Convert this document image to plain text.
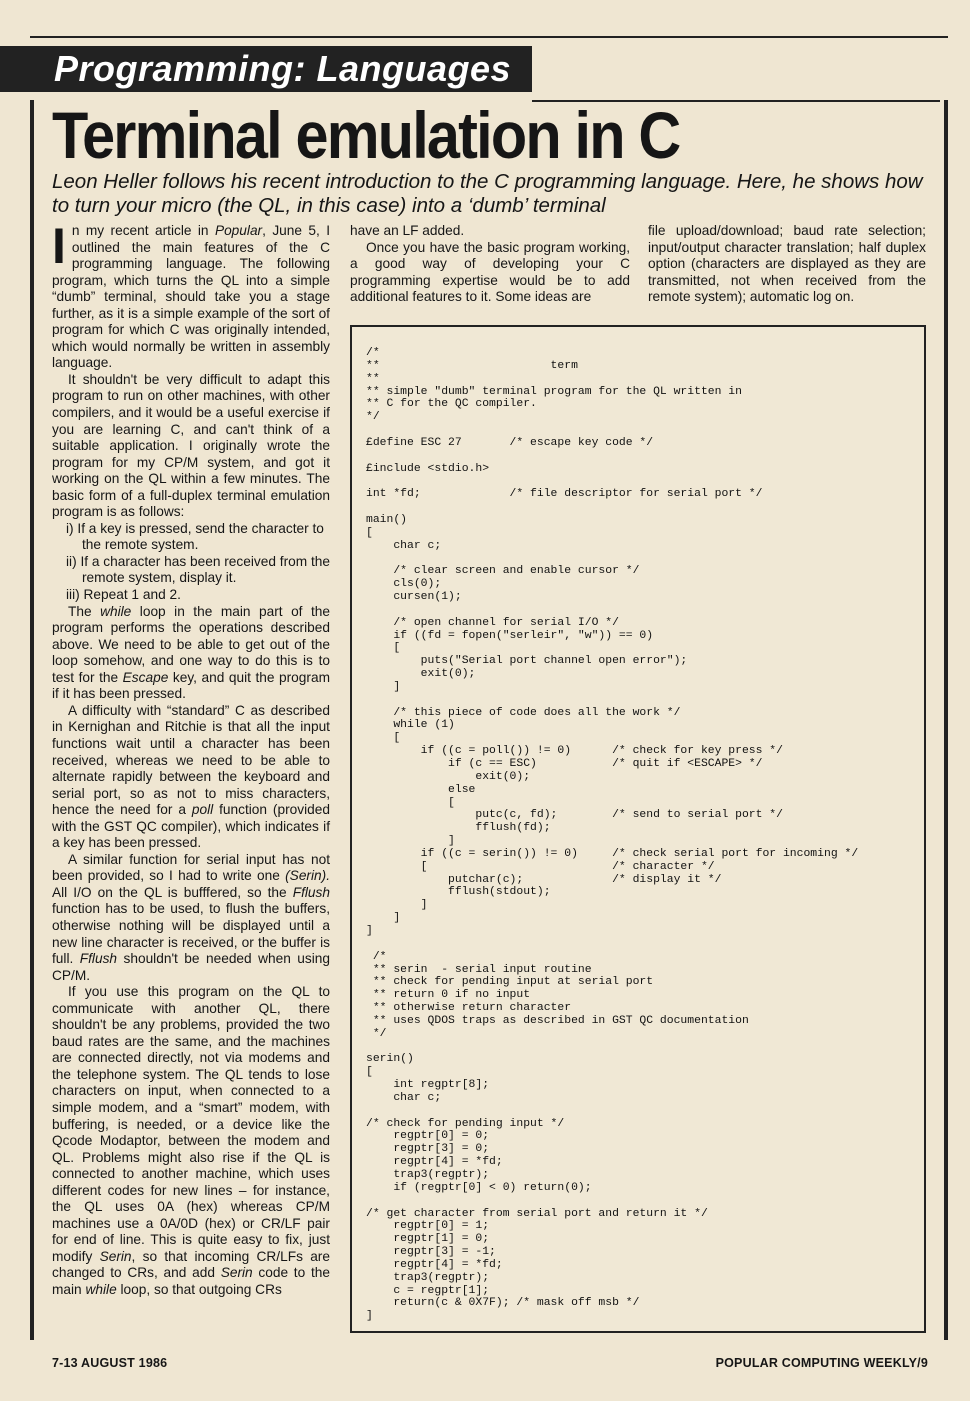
Programming: Languages
Terminal emulation in C

Leon Heller follows his recent introduction to the C programming language. Here, he shows how to turn your micro (the QL, in this case) into a ‘dumb’ terminal

In my recent article in Popular, June 5, I outlined the main features of the C programming language. The following program, which turns the QL into a simple “dumb” terminal, should take you a stage further, as it is a simple example of the sort of program for which C was originally intended, which would normally be written in assembly language.

It shouldn't be very difficult to adapt this program to run on other machines, with other compilers, and it would be a useful exercise if you are learning C, and can't think of a suitable application. I originally wrote the program for my CP/M system, and got it working on the QL within a few minutes. The basic form of a full-duplex terminal emulation program is as follows:

i) If a key is pressed, send the character to the remote system.
ii) If a character has been received from the remote system, display it.
iii) Repeat 1 and 2.

The while loop in the main part of the program performs the operations described above. We need to be able to get out of the loop somehow, and one way to do this is to test for the Escape key, and quit the program if it has been pressed.

A difficulty with “standard” C as described in Kernighan and Ritchie is that all the input functions wait until a character has been received, whereas we need to be able to alternate rapidly between the keyboard and serial port, so as not to miss characters, hence the need for a poll function (provided with the GST QC compiler), which indicates if a key has been pressed.

A similar function for serial input has not been provided, so I had to write one (Serin). All I/O on the QL is bufffered, so the Fflush function has to be used, to flush the buffers, otherwise nothing will be displayed until a new line character is received, or the buffer is full. Fflush shouldn't be needed when using CP/M.

If you use this program on the QL to communicate with another QL, there shouldn't be any problems, provided the two baud rates are the same, and the machines are connected directly, not via modems and the telephone system. The QL tends to lose characters on input, when connected to a simple modem, and a “smart” modem, with buffering, is needed, or a device like the Qcode Modaptor, between the modem and QL. Problems might also rise if the QL is connected to another machine, which uses different codes for new lines – for instance, the QL uses 0A (hex) whereas CP/M machines use a 0A/0D (hex) or CR/LF pair for end of line. This is quite easy to fix, just modify Serin, so that incoming CR/LFs are changed to CRs, and add Serin code to the main while loop, so that outgoing CRs

have an LF added.

Once you have the basic program working, a good way of developing your C programming expertise would be to add additional features to it. Some ideas are

file upload/download; baud rate selection; input/output character translation; half duplex option (characters are displayed as they are transmitted, not when received from the remote system); automatic log on.

/*
**                         term
**
** simple "dumb" terminal program for the QL written in
** C for the QC compiler.
*/

£define ESC 27       /* escape key code */

£include <stdio.h>

int *fd;             /* file descriptor for serial port */

main()
[
char c;

/* clear screen and enable cursor */
cls(0);
cursen(1);

/* open channel for serial I/O */
if ((fd = fopen("serleir", "w")) == 0)
[
puts("Serial port channel open error");
exit(0);
]

/* this piece of code does all the work */
while (1)
[
if ((c = poll()) != 0)      /* check for key press */
if (c == ESC)           /* quit if <ESCAPE> */
exit(0);
else
[
putc(c, fd);        /* send to serial port */
fflush(fd);
]
if ((c = serin()) != 0)     /* check serial port for incoming */
[                           /* character */
putchar(c);             /* display it */
fflush(stdout);
]
]
]

/*
** serin  - serial input routine
** check for pending input at serial port
** return 0 if no input
** otherwise return character
** uses QDOS traps as described in GST QC documentation
*/

serin()
[
int regptr[8];
char c;

/* check for pending input */
regptr[0] = 0;
regptr[3] = 0;
regptr[4] = *fd;
trap3(regptr);
if (regptr[0] < 0) return(0);

/* get character from serial port and return it */
regptr[0] = 1;
regptr[1] = 0;
regptr[3] = -1;
regptr[4] = *fd;
trap3(regptr);
c = regptr[1];
return(c & 0X7F); /* mask off msb */
]
7-13 AUGUST 1986	POPULAR COMPUTING WEEKLY/9
